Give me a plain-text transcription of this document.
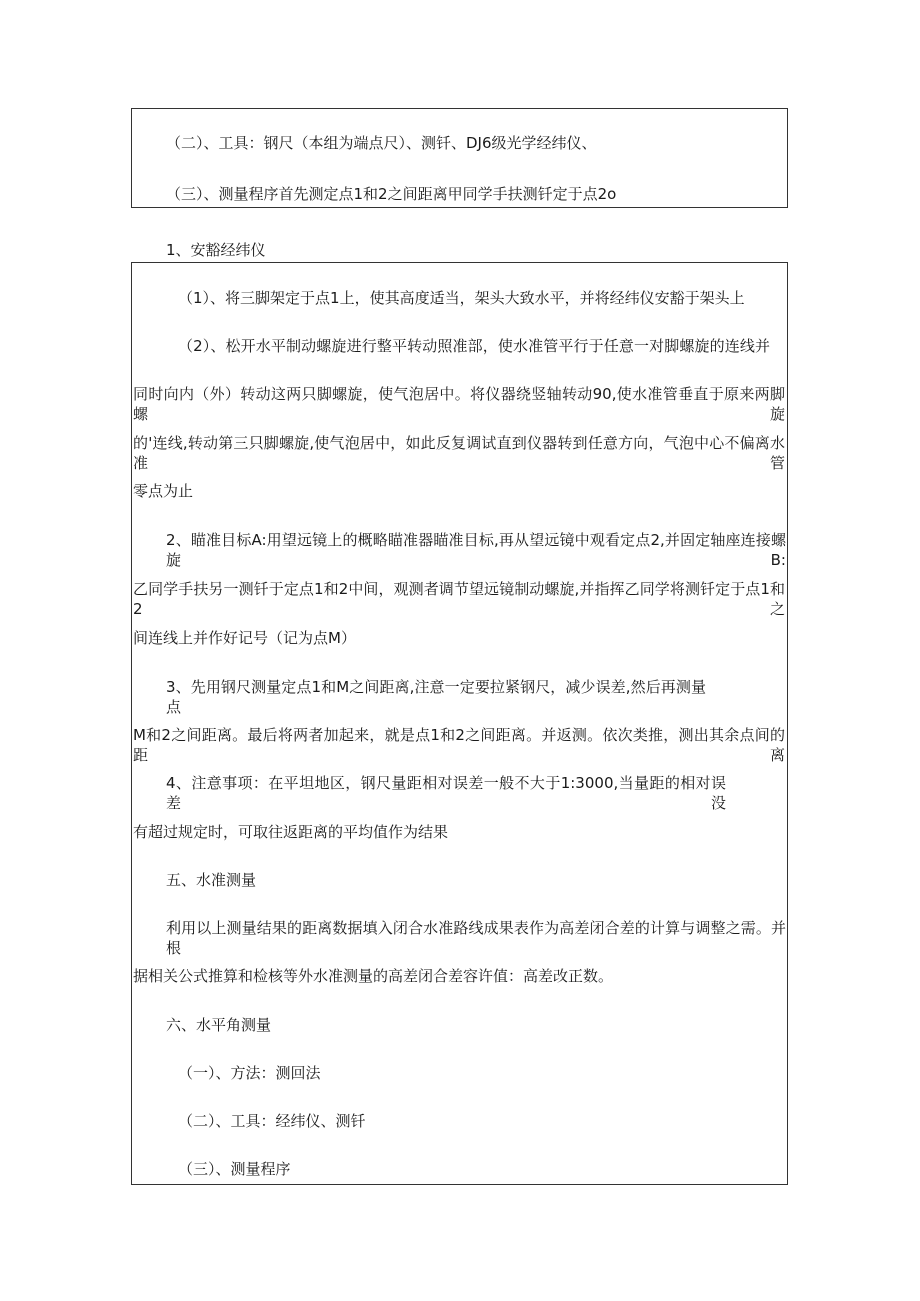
（二）、工具：钢尺（本组为端点尺）、测钎、DJ6级光学经纬仪、
（三）、测量程序首先测定点1和2之间距离甲同学手扶测钎定于点2o
1、安豁经纬仪
（1）、将三脚架定于点1上，使其高度适当，架头大致水平，并将经纬仪安豁于架头上
（2）、松开水平制动螺旋进行整平转动照准部，使水准管平行于任意一对脚螺旋的连线并
同时向内（外）转动这两只脚螺旋，使气泡居中。将仪器绕竖轴转动90,使水准管垂直于原来两脚螺旋
的'连线,转动第三只脚螺旋,使气泡居中，如此反复调试直到仪器转到任意方向，气泡中心不偏离水准管
零点为止
2、瞄准目标A:用望远镜上的概略瞄准器瞄准目标,再从望远镜中观看定点2,并固定轴座连接螺旋B:
乙同学手扶另一测钎于定点1和2中间，观测者调节望远镜制动螺旋,并指挥乙同学将测钎定于点1和2之
间连线上并作好记号（记为点M）
3、先用钢尺测量定点1和M之间距离,注意一定要拉紧钢尺，减少误差,然后再测量点
M和2之间距离。最后将两者加起来，就是点1和2之间距离。并返测。依次类推，测出其余点间的距离
4、注意事项：在平坦地区，钢尺量距相对误差一般不大于1:3000,当量距的相对误差没
有超过规定时，可取往返距离的平均值作为结果
五、水准测量
利用以上测量结果的距离数据填入闭合水准路线成果表作为高差闭合差的计算与调整之需。并根
据相关公式推算和检核等外水准测量的高差闭合差容许值：高差改正数。
六、水平角测量
（一）、方法：测回法
（二）、工具：经纬仪、测钎
（三）、测量程序
